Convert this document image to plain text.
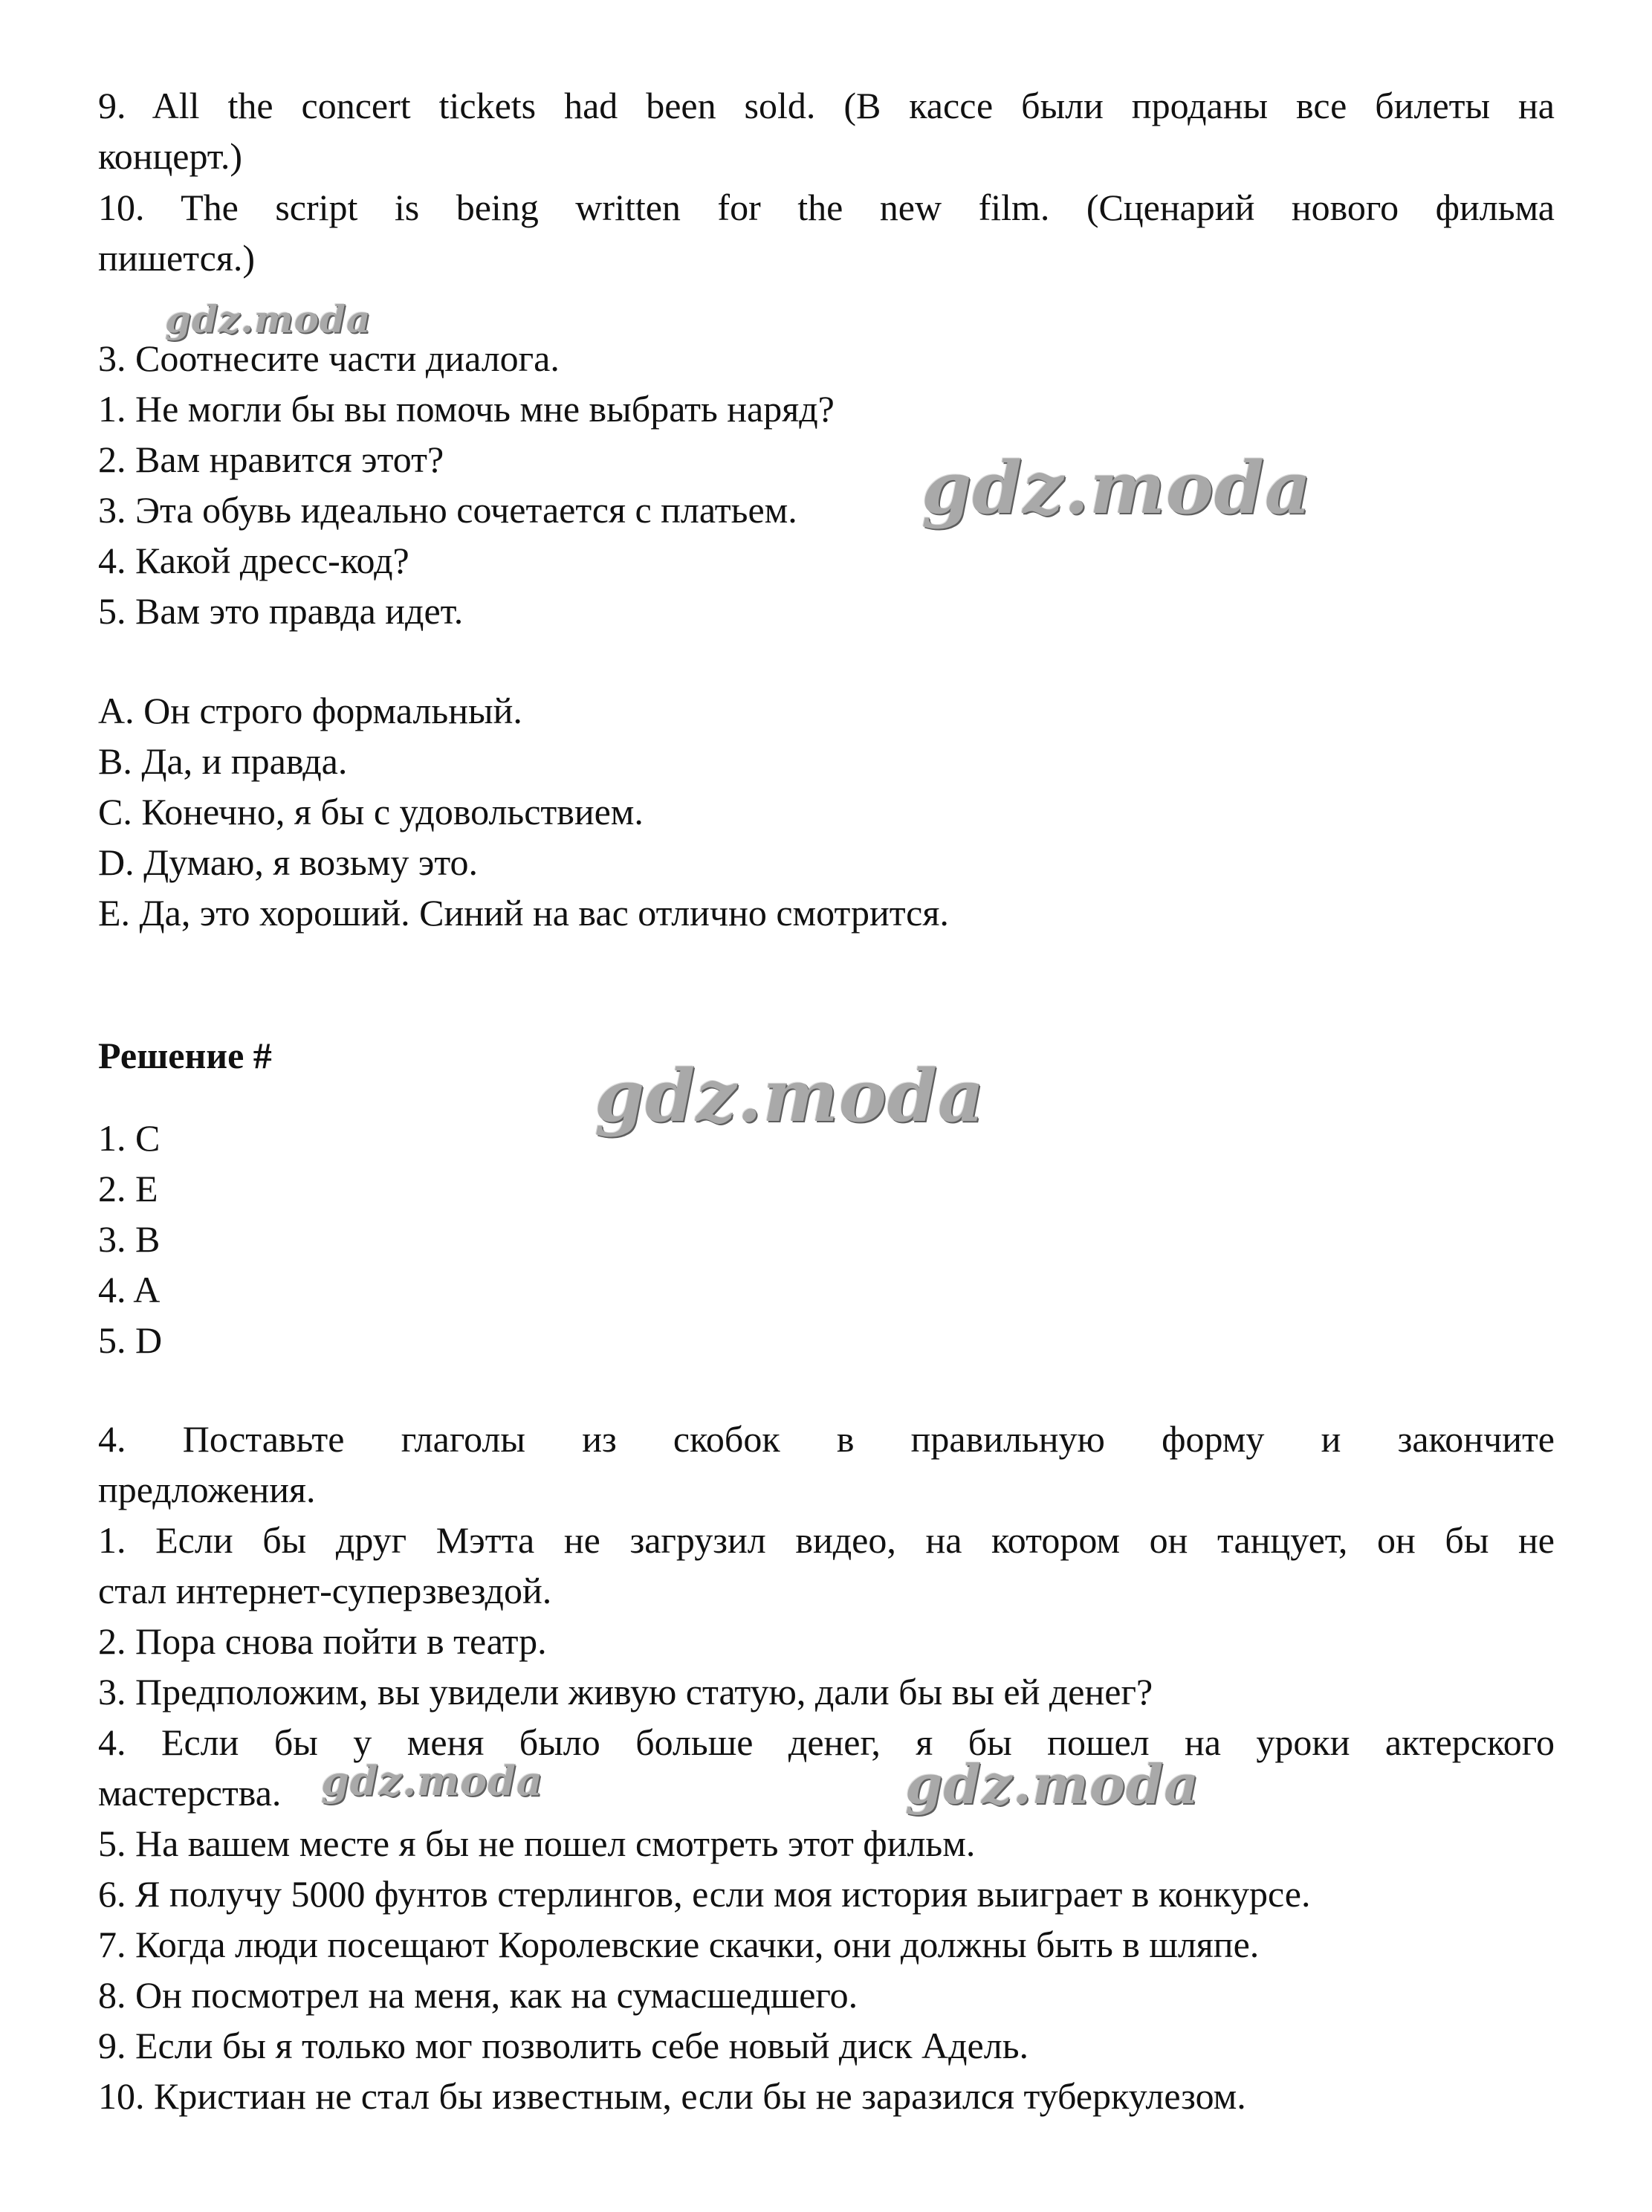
9. All the concert tickets had been sold. (В кассе были проданы все билеты на
концерт.)
10. The script is being written for the new film. (Сценарий нового фильма
пишется.)
3. Соотнесите части диалога.
1. Не могли бы вы помочь мне выбрать наряд?
2. Вам нравится этот?
3. Эта обувь идеально сочетается с платьем.
4. Какой дресс-код?
5. Вам это правда идет.
A. Он строго формальный.
B. Да, и правда.
C. Конечно, я бы с удовольствием.
D. Думаю, я возьму это.
E. Да, это хороший. Синий на вас отлично смотрится.
Решение #
1. C
2. E
3. B
4. A
5. D
4. Поставьте глаголы из скобок в правильную форму и закончите
предложения.
1. Если бы друг Мэтта не загрузил видео, на котором он танцует, он бы не
стал интернет-суперзвездой.
2. Пора снова пойти в театр.
3. Предположим, вы увидели живую статую, дали бы вы ей денег?
4. Если бы у меня было больше денег, я бы пошел на уроки актерского
мастерства.
5. На вашем месте я бы не пошел смотреть этот фильм.
6. Я получу 5000 фунтов стерлингов, если моя история выиграет в конкурсе.
7. Когда люди посещают Королевские скачки, они должны быть в шляпе.
8. Он посмотрел на меня, как на сумасшедшего.
9. Если бы я только мог позволить себе новый диск Адель.
10. Кристиан не стал бы известным, если бы не заразился туберкулезом.
gdz.moda
gdz.moda
gdz.moda
gdz.moda	gdz.moda
